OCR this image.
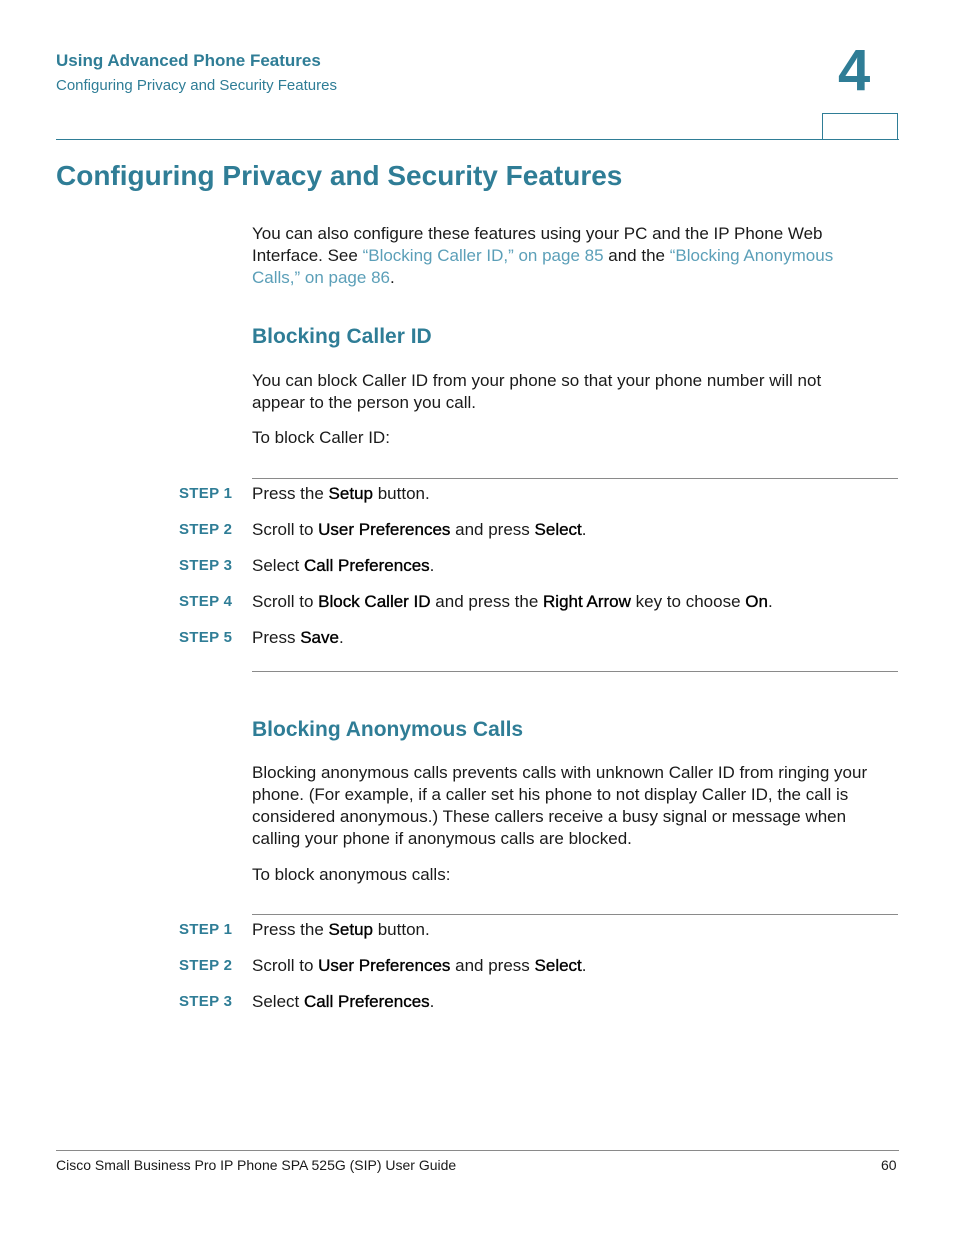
Using Advanced Phone Features
Configuring Privacy and Security Features	4
Configuring Privacy and Security Features

You can also configure these features using your PC and the IP Phone Web Interface. See “Blocking Caller ID,” on page 85 and the “Blocking Anonymous Calls,” on page 86.

Blocking Caller ID

You can block Caller ID from your phone so that your phone number will not appear to the person you call.

To block Caller ID:

STEP 1 Press the Setup button.
STEP 2 Scroll to User Preferences and press Select.
STEP 3 Select Call Preferences.
STEP 4 Scroll to Block Caller ID and press the Right Arrow key to choose On.
STEP 5 Press Save.
Blocking Anonymous Calls

Blocking anonymous calls prevents calls with unknown Caller ID from ringing your phone. (For example, if a caller set his phone to not display Caller ID, the call is considered anonymous.) These callers receive a busy signal or message when calling your phone if anonymous calls are blocked.

To block anonymous calls:

STEP 1 Press the Setup button.
STEP 2 Scroll to User Preferences and press Select.
STEP 3 Select Call Preferences.
Cisco Small Business Pro IP Phone SPA 525G (SIP) User Guide	60
